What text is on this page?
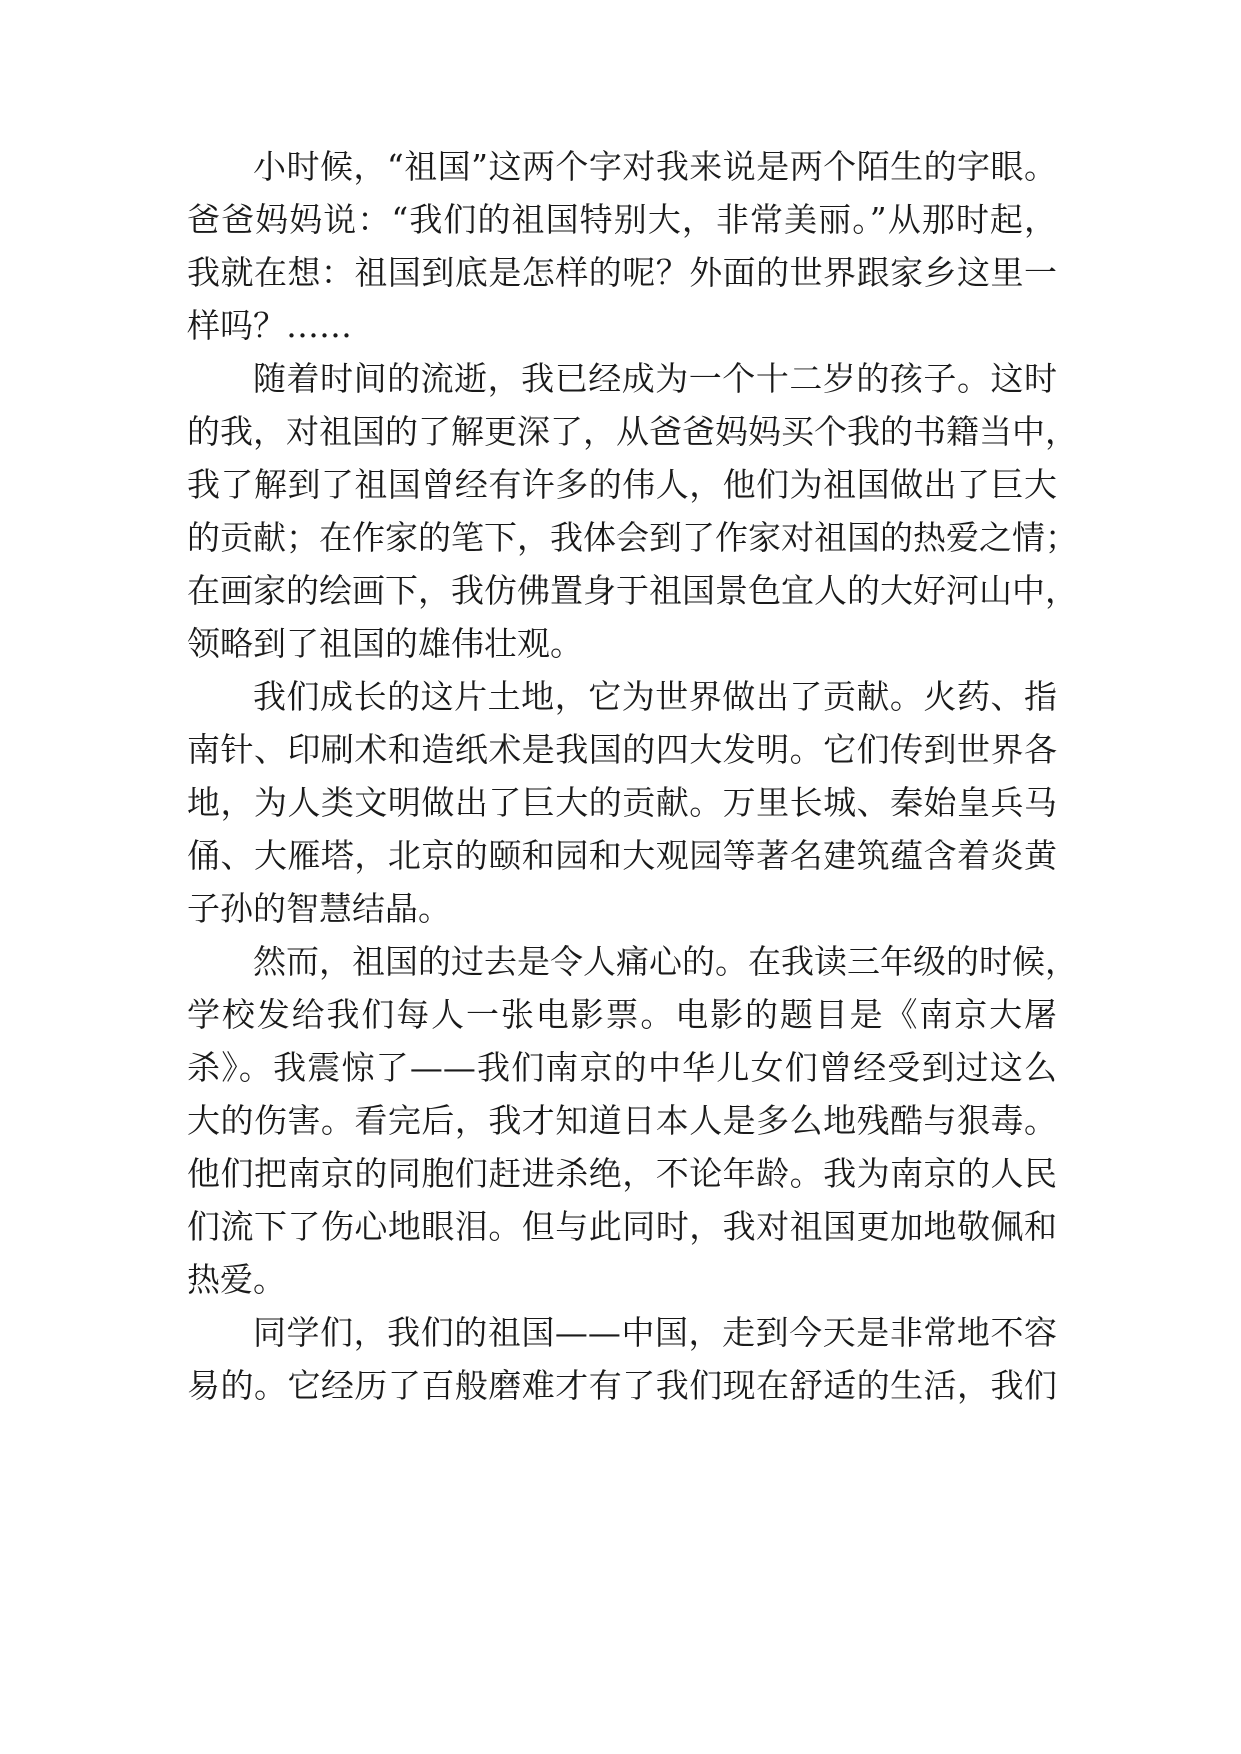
小时候，“祖国”这两个字对我来说是两个陌生的字眼。
爸爸妈妈说：“我们的祖国特别大，非常美丽。”从那时起，
我就在想：祖国到底是怎样的呢？外面的世界跟家乡这里一
样吗？……
随着时间的流逝，我已经成为一个十二岁的孩子。这时
的我，对祖国的了解更深了，从爸爸妈妈买个我的书籍当中，
我了解到了祖国曾经有许多的伟人，他们为祖国做出了巨大
的贡献；在作家的笔下，我体会到了作家对祖国的热爱之情；
在画家的绘画下，我仿佛置身于祖国景色宜人的大好河山中，
领略到了祖国的雄伟壮观。
我们成长的这片土地，它为世界做出了贡献。火药、指
南针、印刷术和造纸术是我国的四大发明。它们传到世界各
地，为人类文明做出了巨大的贡献。万里长城、秦始皇兵马
俑、大雁塔，北京的颐和园和大观园等著名建筑蕴含着炎黄
子孙的智慧结晶。
然而，祖国的过去是令人痛心的。在我读三年级的时候，
学校发给我们每人一张电影票。电影的题目是《南京大屠
杀》。我震惊了——我们南京的中华儿女们曾经受到过这么
大的伤害。看完后，我才知道日本人是多么地残酷与狠毒。
他们把南京的同胞们赶进杀绝，不论年龄。我为南京的人民
们流下了伤心地眼泪。但与此同时，我对祖国更加地敬佩和
热爱。
同学们，我们的祖国——中国，走到今天是非常地不容
易的。它经历了百般磨难才有了我们现在舒适的生活，我们
